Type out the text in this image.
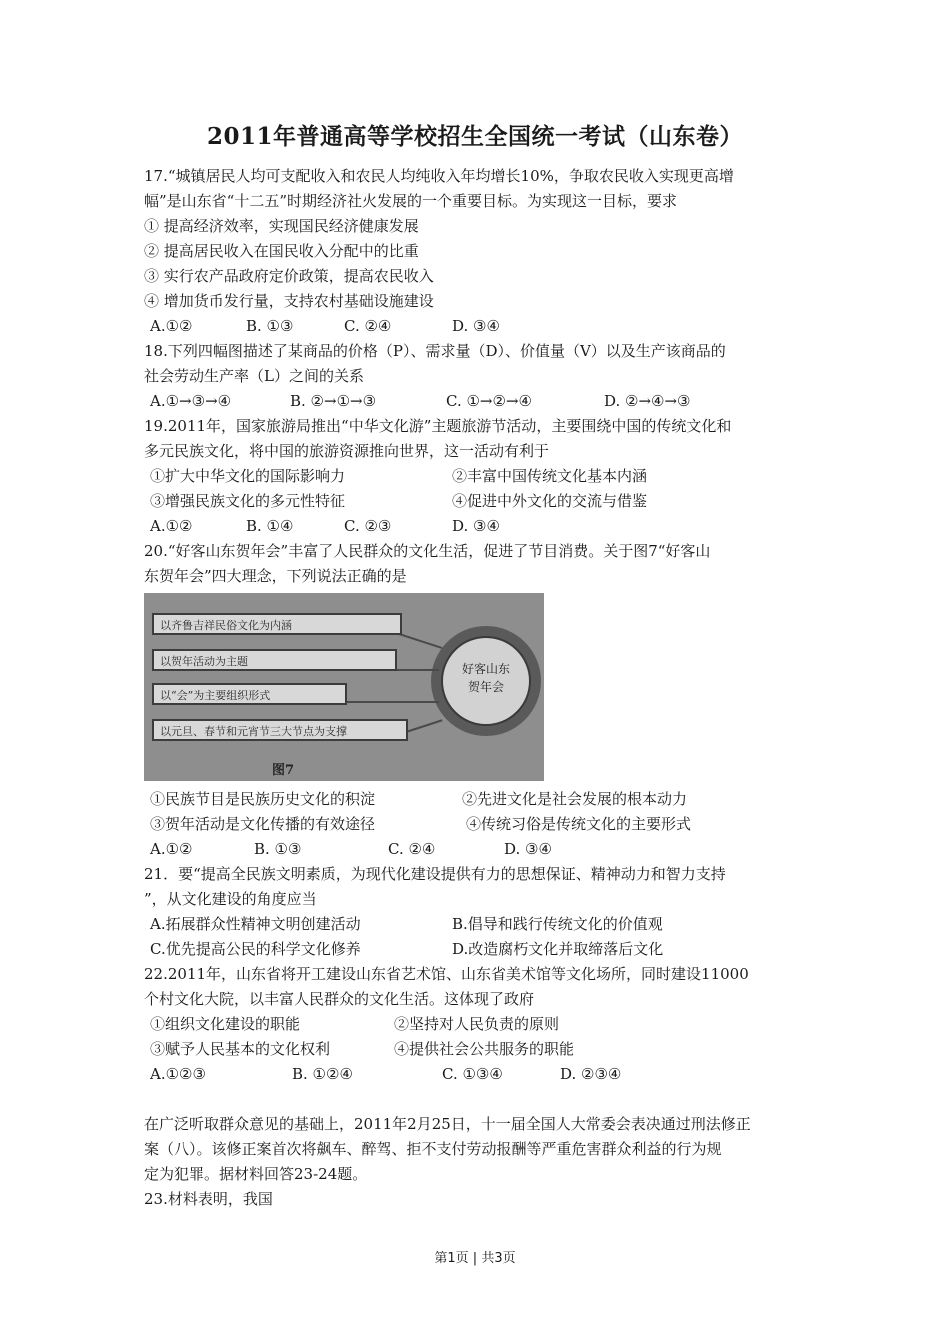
2011年普通高等学校招生全国统一考试（山东卷）
17.“城镇居民人均可支配收入和农民人均纯收入年均增长10%，争取农民收入实现更高增
幅”是山东省“十二五”时期经济社火发展的一个重要目标。为实现这一目标，要求
① 提高经济效率，实现国民经济健康发展
② 提高居民收入在国民收入分配中的比重
③ 实行农产品政府定价政策，提高农民收入
④ 增加货币发行量，支持农村基础设施建设
A.①②	B. ①③	C. ②④	D. ③④
18.下列四幅图描述了某商品的价格（P）、需求量（D）、价值量（V）以及生产该商品的
社会劳动生产率（L）之间的关系
A.①→③→④	B. ②→①→③	C. ①→②→④	D. ②→④→③
19.2011年，国家旅游局推出“中华文化游”主题旅游节活动，主要围绕中国的传统文化和
多元民族文化，将中国的旅游资源推向世界，这一活动有利于
①扩大中华文化的国际影响力	②丰富中国传统文化基本内涵
③增强民族文化的多元性特征	④促进中外文化的交流与借鉴
A.①②	B. ①④	C. ②③	D. ③④
20.“好客山东贺年会”丰富了人民群众的文化生活，促进了节目消费。关于图7“好客山
东贺年会”四大理念，下列说法正确的是
以齐鲁吉祥民俗文化为内涵
以贺年活动为主题
以“会”为主要组织形式
以元旦、春节和元宵节三大节点为支撑
好客山东
贺年会
图7
①民族节目是民族历史文化的积淀	②先进文化是社会发展的根本动力
③贺年活动是文化传播的有效途径	④传统习俗是传统文化的主要形式
A.①②	B. ①③	C. ②④	D. ③④
21．要“提高全民族文明素质，为现代化建设提供有力的思想保证、精神动力和智力支持
”，从文化建设的角度应当
A.拓展群众性精神文明创建活动	B.倡导和践行传统文化的价值观
C.优先提高公民的科学文化修养	D.改造腐朽文化并取缔落后文化
22.2011年，山东省将开工建设山东省艺术馆、山东省美术馆等文化场所，同时建设11000
个村文化大院，以丰富人民群众的文化生活。这体现了政府
①组织文化建设的职能	②坚持对人民负责的原则
③赋予人民基本的文化权利	④提供社会公共服务的职能
A.①②③	B. ①②④	C. ①③④	D. ②③④
在广泛听取群众意见的基础上，2011年2月25日，十一届全国人大常委会表决通过刑法修正
案（八）。该修正案首次将飙车、醉驾、拒不支付劳动报酬等严重危害群众利益的行为规
定为犯罪。据材料回答23-24题。
23.材料表明，我国
第1页 | 共3页
